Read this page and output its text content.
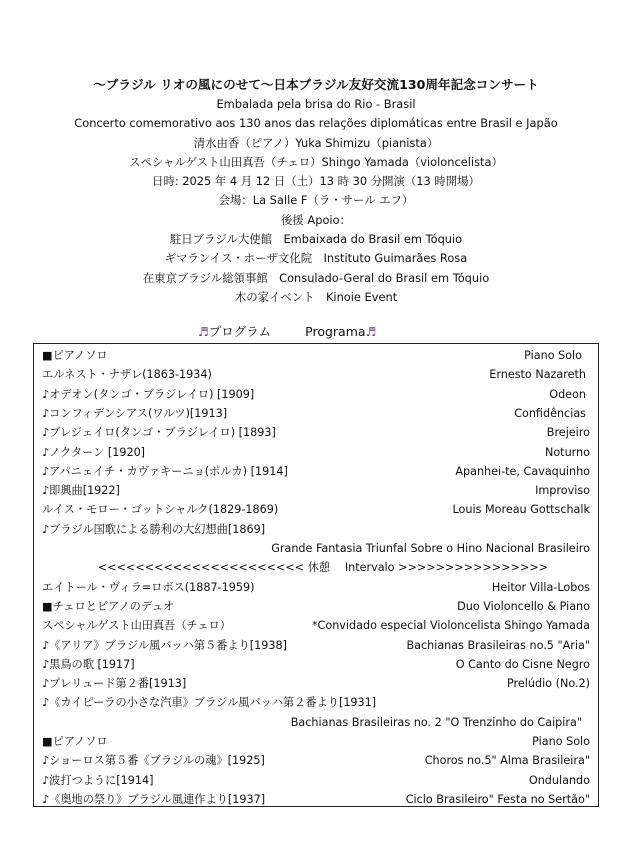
～ブラジル リオの風にのせて～日本ブラジル友好交流130周年記念コンサート
Embalada pela brisa do Rio - Brasil
Concerto comemorativo aos 130 anos das relações diplomáticas entre Brasil e Japão
清水由香（ピアノ）Yuka Shimizu（pianista）
スペシャルゲスト山田真吾（チェロ）Shingo Yamada（violoncelista）
日時: 2025 年 4 月 12 日（土）13 時 30 分開演（13 時開場）
会場：La Salle F（ラ・サール エフ）
後援 Apoio：
駐日ブラジル大使館　Embaixada do Brasil em Tóquio
ギマランイス・ホーザ文化院　Instituto Guimarães Rosa
在東京ブラジル総領事館　Consulado-Geral do Brasil em Tóquio
木の家イベント　Kinoie Event
♬プログラム	Programa♬
■ピアノソロ	Piano Solo
エルネスト・ナザレ(1863-1934)	Ernesto Nazareth
♪オデオン(タンゴ・ブラジレイロ) [1909]	Odeon
♪コンフィデンシアス(ワルツ)[1913]	Confidências
♪ブレジェイロ(タンゴ・ブラジレイロ) [1893]	Brejeiro
♪ノクターン [1920]	Noturno
♪アパニェイチ・カヴァキーニョ(ポルカ) [1914]	Apanhei-te, Cavaquinho
♪即興曲[1922]	Improviso
ルイス・モロー・ゴットシャルク(1829-1869)	Louis Moreau Gottschalk
♪ブラジル国歌による勝利の大幻想曲[1869]
Grande Fantasia Triunfal Sobre o Hino Nacional Brasileiro
<<<<<<<<<<<<<<<<<<<<<< 休憩　 Intervalo >>>>>>>>>>>>>>>>
エイトール・ヴィラ=ロボス(1887-1959)	Heitor Villa-Lobos
■チェロとピアノのデュオ	Duo Violoncello & Piano
スペシャルゲスト山田真吾（チェロ）	*Convidado especial Violoncelista Shingo Yamada
♪《アリア》ブラジル風バッハ第５番より[1938]	Bachianas Brasileiras no.5 "Aria"
♪黒鳥の歌 [1917]	O Canto do Cisne Negro
♪プレリュード第２番[1913]	Prelúdio (No.2)
♪《カイピーラの小さな汽車》ブラジル風バッハ第２番より[1931]
Bachianas Brasileiras no. 2 "O Trenzinho do Caipira"
■ピアノソロ	Piano Solo
♪ショーロス第５番《ブラジルの魂》[1925]	Choros no.5" Alma Brasileira"
♪波打つように[1914]	Ondulando
♪《奥地の祭り》ブラジル風連作より[1937]	Ciclo Brasileiro" Festa no Sertão"
